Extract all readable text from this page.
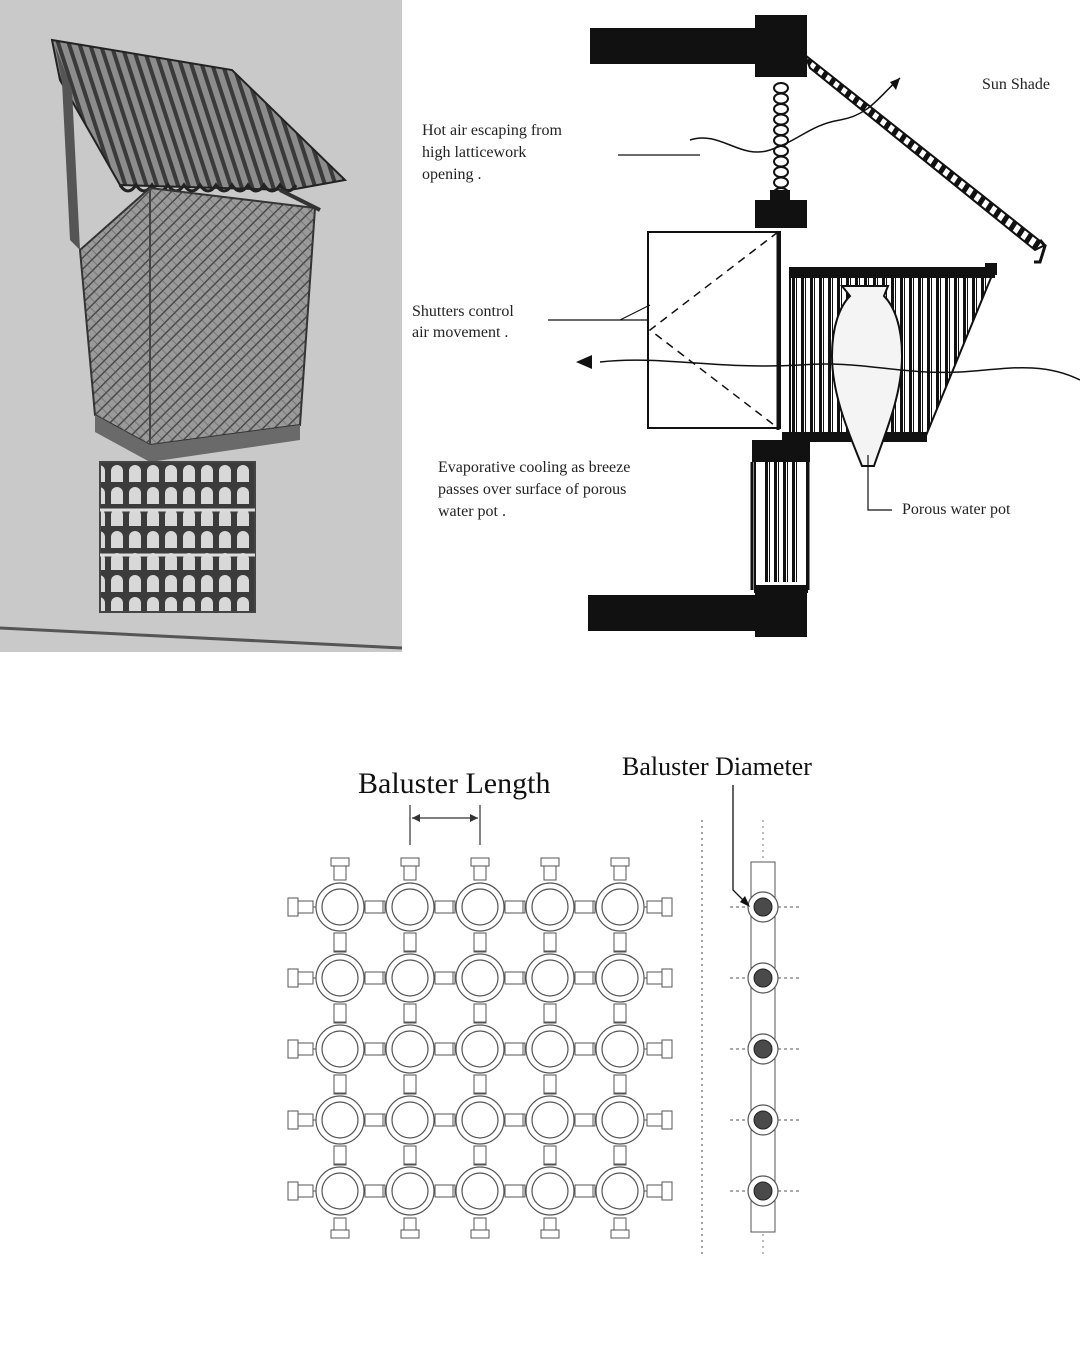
Sun Shade
Hot air escaping from
high latticework
opening .
Shutters control
air movement .
Evaporative cooling as breeze
passes over surface of porous
water pot .	Porous water pot
Baluster Length
Baluster Diameter
